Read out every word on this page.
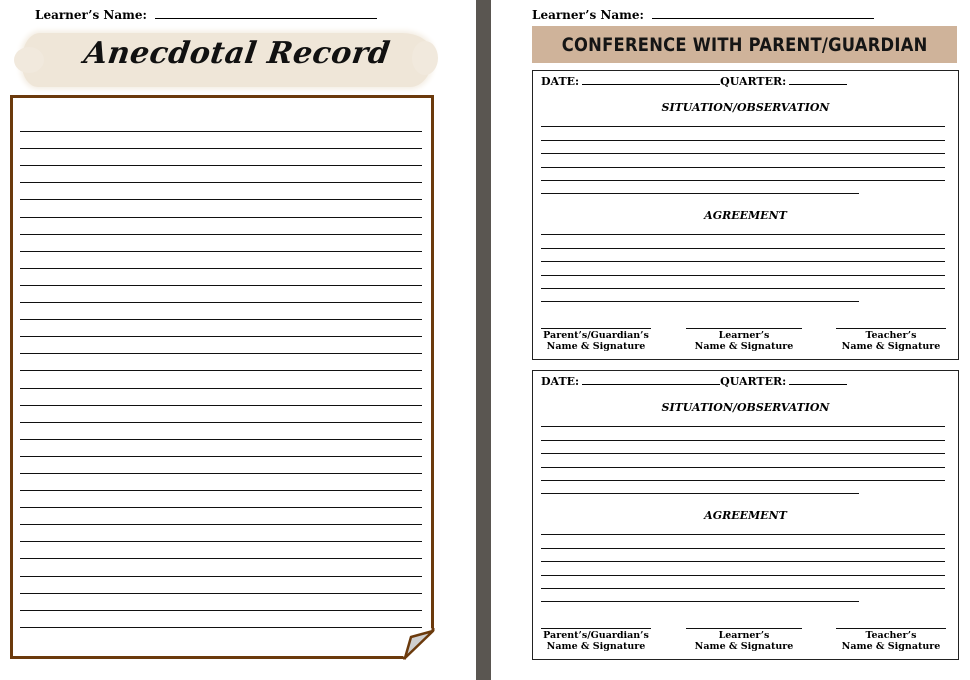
Learner’s Name:
Anecdotal Record
Learner’s Name:
CONFERENCE WITH PARENT/GUARDIAN
DATE:	QUARTER:
SITUATION/OBSERVATION
AGREEMENT
Parent’s/Guardian’s
Name & Signature
Learner’s
Name & Signature
Teacher’s
Name & Signature
DATE:	QUARTER:
SITUATION/OBSERVATION
AGREEMENT
Parent’s/Guardian’s
Name & Signature
Learner’s
Name & Signature
Teacher’s
Name & Signature
